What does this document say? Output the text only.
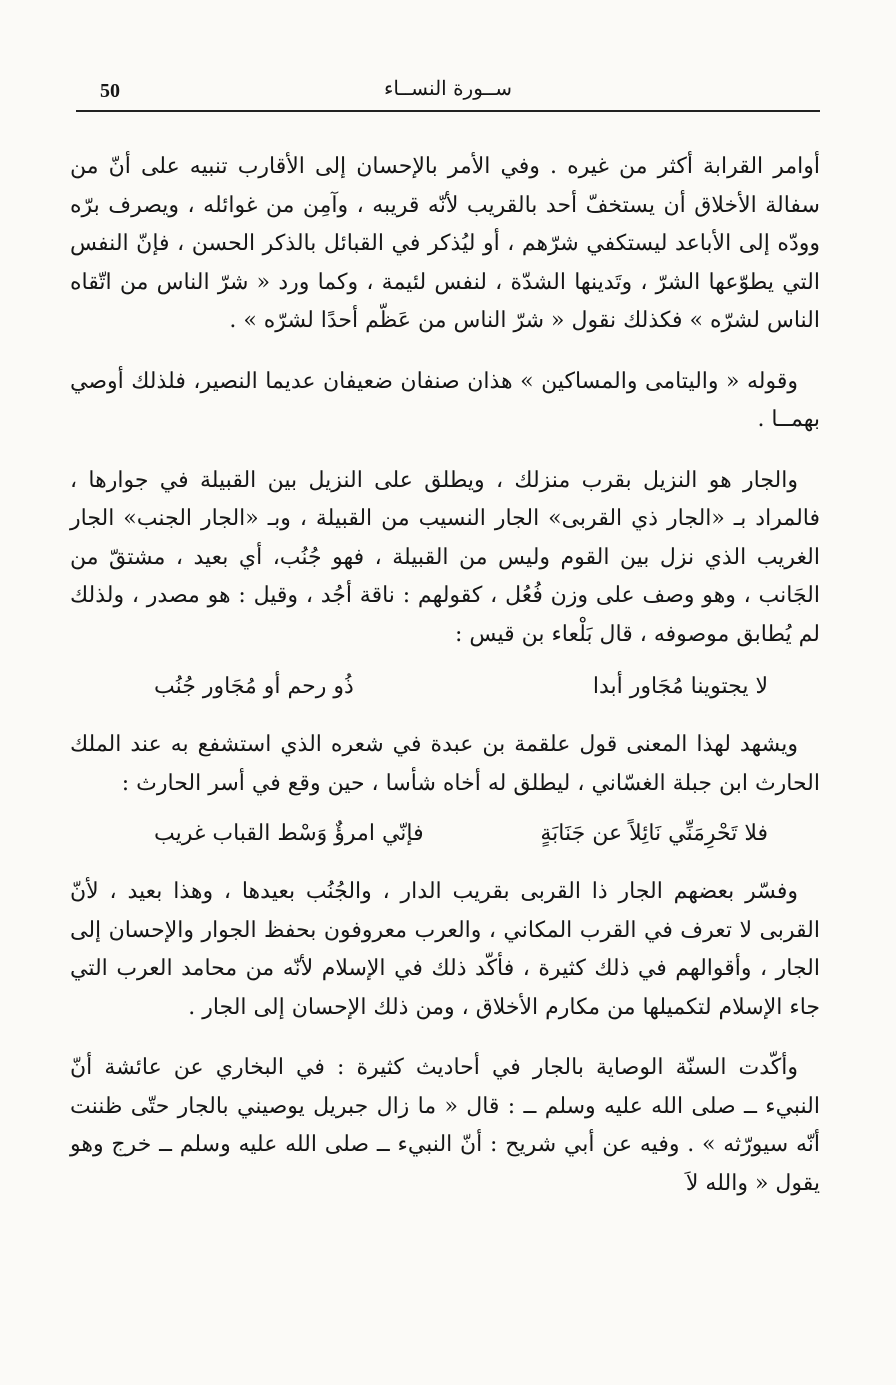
50	ســورة النســاء

أوامر القرابة أكثر من غيره . وفي الأمر بالإحسان إلى الأقارب تنبيه على أنّ من سفالة الأخلاق أن يستخفّ أحد بالقريب لأنّه قريبه ، وآمِن من غوائله ، ويصرف برّه وودّه إلى الأباعد ليستكفي شرّهم ، أو ليُذكر في القبائل بالذكر الحسن ، فإنّ النفس التي يطوّعها الشرّ ، وتَدينها الشدّة ، لنفس لئيمة ، وكما ورد « شرّ الناس من اتّقاه الناس لشرّه » فكذلك نقول « شرّ الناس من عَظّم أحدًا لشرّه » .

وقوله « واليتامى والمساكين » هذان صنفان ضعيفان عديما النصير، فلذلك أوصي بهمــا .

والجار هو النزيل بقرب منزلك ، ويطلق على النزيل بين القبيلة في جوارها ، فالمراد بـ «الجار ذي القربى» الجار النسيب من القبيلة ، وبـ «الجار الجنب» الجار الغريب الذي نزل بين القوم وليس من القبيلة ، فهو جُنُب، أي بعيد ، مشتقّ من الجَانب ، وهو وصف على وزن فُعُل ، كقولهم : ناقة أجُد ، وقيل : هو مصدر ، ولذلك لم يُطابق موصوفه ، قال بَلْعاء بن قيس :

لا يجتوينا مُجَاور أبدا
ذُو رحم أو مُجَاور جُنُب

ويشهد لهذا المعنى قول علقمة بن عبدة في شعره الذي استشفع به عند الملك الحارث ابن جبلة الغسّاني ، ليطلق له أخاه شأسا ، حين وقع في أسر الحارث :

فلا تَحْرِمَنِّي نَائِلاً عن جَنَابَةٍ
فإنّي امرؤٌ وَسْط القباب غريب

وفسّر بعضهم الجار ذا القربى بقريب الدار ، والجُنُب بعيدها ، وهذا بعيد ، لأنّ القربى لا تعرف في القرب المكاني ، والعرب معروفون بحفظ الجوار والإحسان إلى الجار ، وأقوالهم في ذلك كثيرة ، فأكّد ذلك في الإسلام لأنّه من محامد العرب التي جاء الإسلام لتكميلها من مكارم الأخلاق ، ومن ذلك الإحسان إلى الجار .

وأكّدت السنّة الوصاية بالجار في أحاديث كثيرة : في البخاري عن عائشة أنّ النبيء ــ صلى الله عليه وسلم ــ : قال « ما زال جبريل يوصيني بالجار حتّى ظننت أنّه سيورّثه » . وفيه عن أبي شريح : أنّ النبيء ــ صلى الله عليه وسلم ــ خرج وهو يقول « والله لاَ
